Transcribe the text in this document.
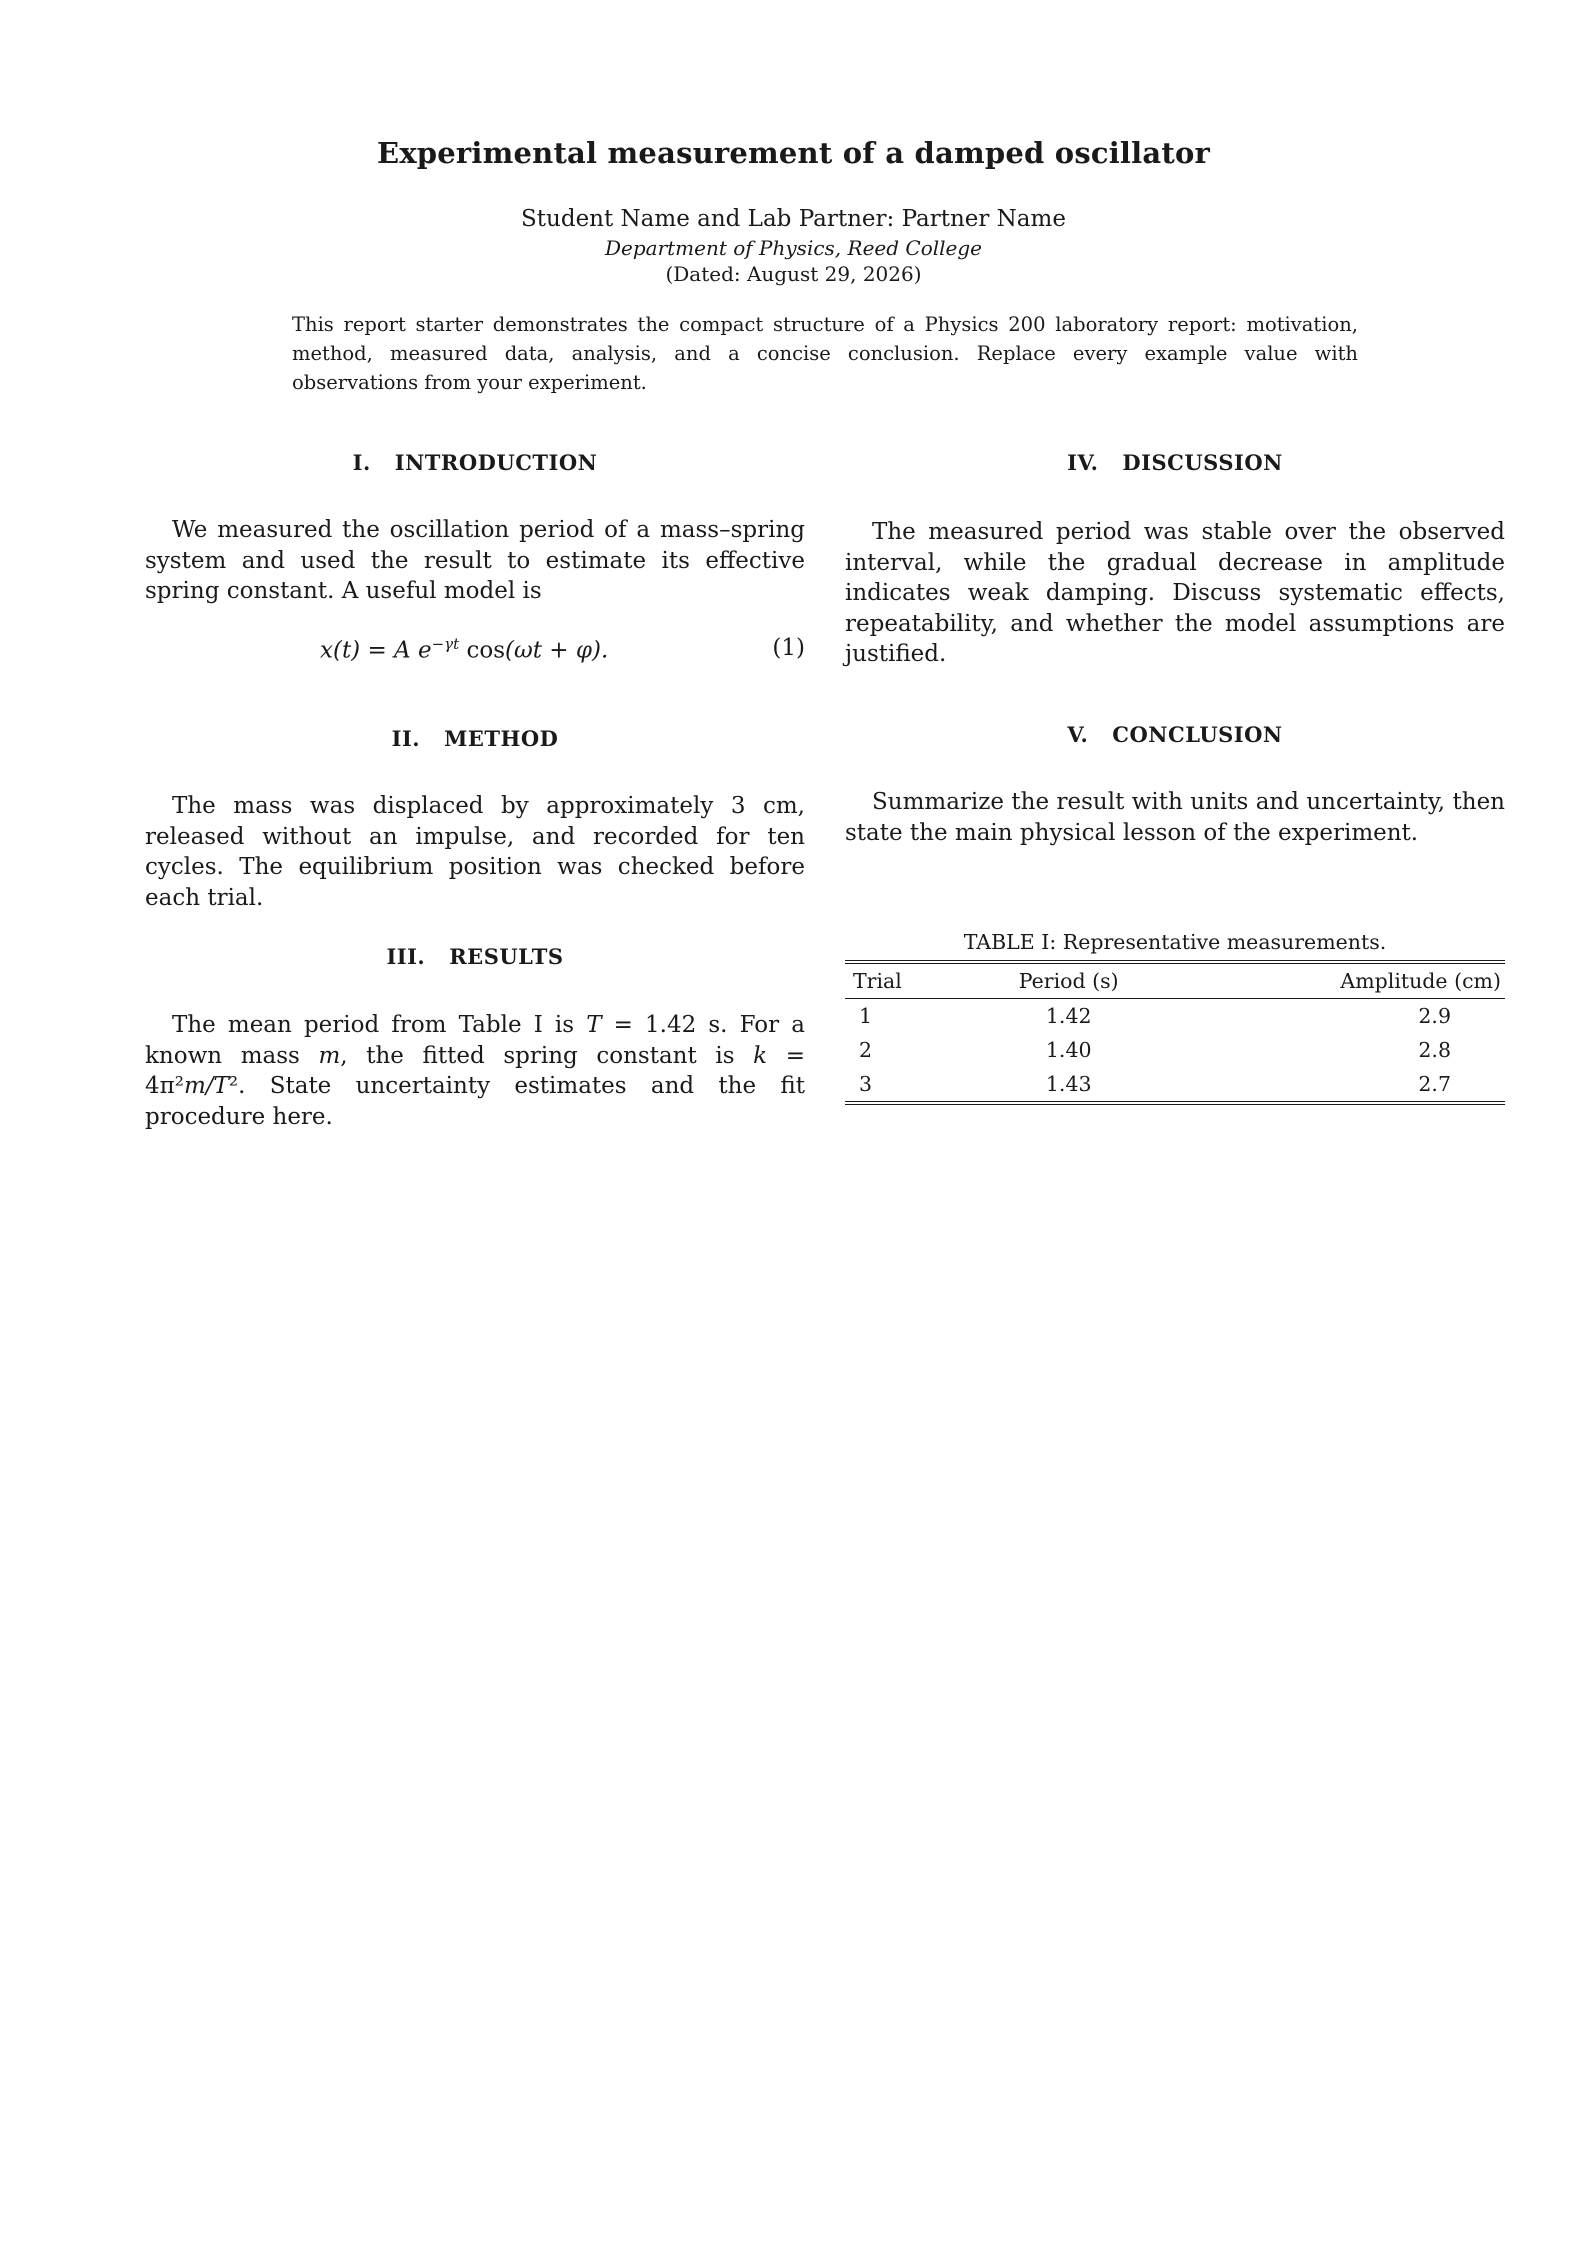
Experimental measurement of a damped oscillator
Student Name and Lab Partner: Partner Name
Department of Physics, Reed College
(Dated: August 29, 2026)

This report starter demonstrates the compact structure of a Physics 200 laboratory report: motivation, method, measured data, analysis, and a concise conclusion. Replace every example value with observations from your experiment.

I. INTRODUCTION

We measured the oscillation period of a mass–spring system and used the result to estimate its effective spring constant. A useful model is

x(t) = A $e^{-\gamma t}$ cos(ωt + φ).	(1)
II. METHOD

The mass was displaced by approximately 3 cm, released without an impulse, and recorded for ten cycles. The equilibrium position was checked before each trial.

III. RESULTS

The mean period from Table I is T = 1.42 s. For a known mass m, the fitted spring constant is k = 4π²m/T². State uncertainty estimates and the fit procedure here.

IV. DISCUSSION

The measured period was stable over the observed interval, while the gradual decrease in amplitude indicates weak damping. Discuss systematic effects, repeatability, and whether the model assumptions are justified.

V. CONCLUSION

Summarize the result with units and uncertainty, then state the main physical lesson of the experiment.

TABLE I: Representative measurements.
Trial	Period (s)	Amplitude (cm)
1	1.42	2.9
2	1.40	2.8
3	1.43	2.7
